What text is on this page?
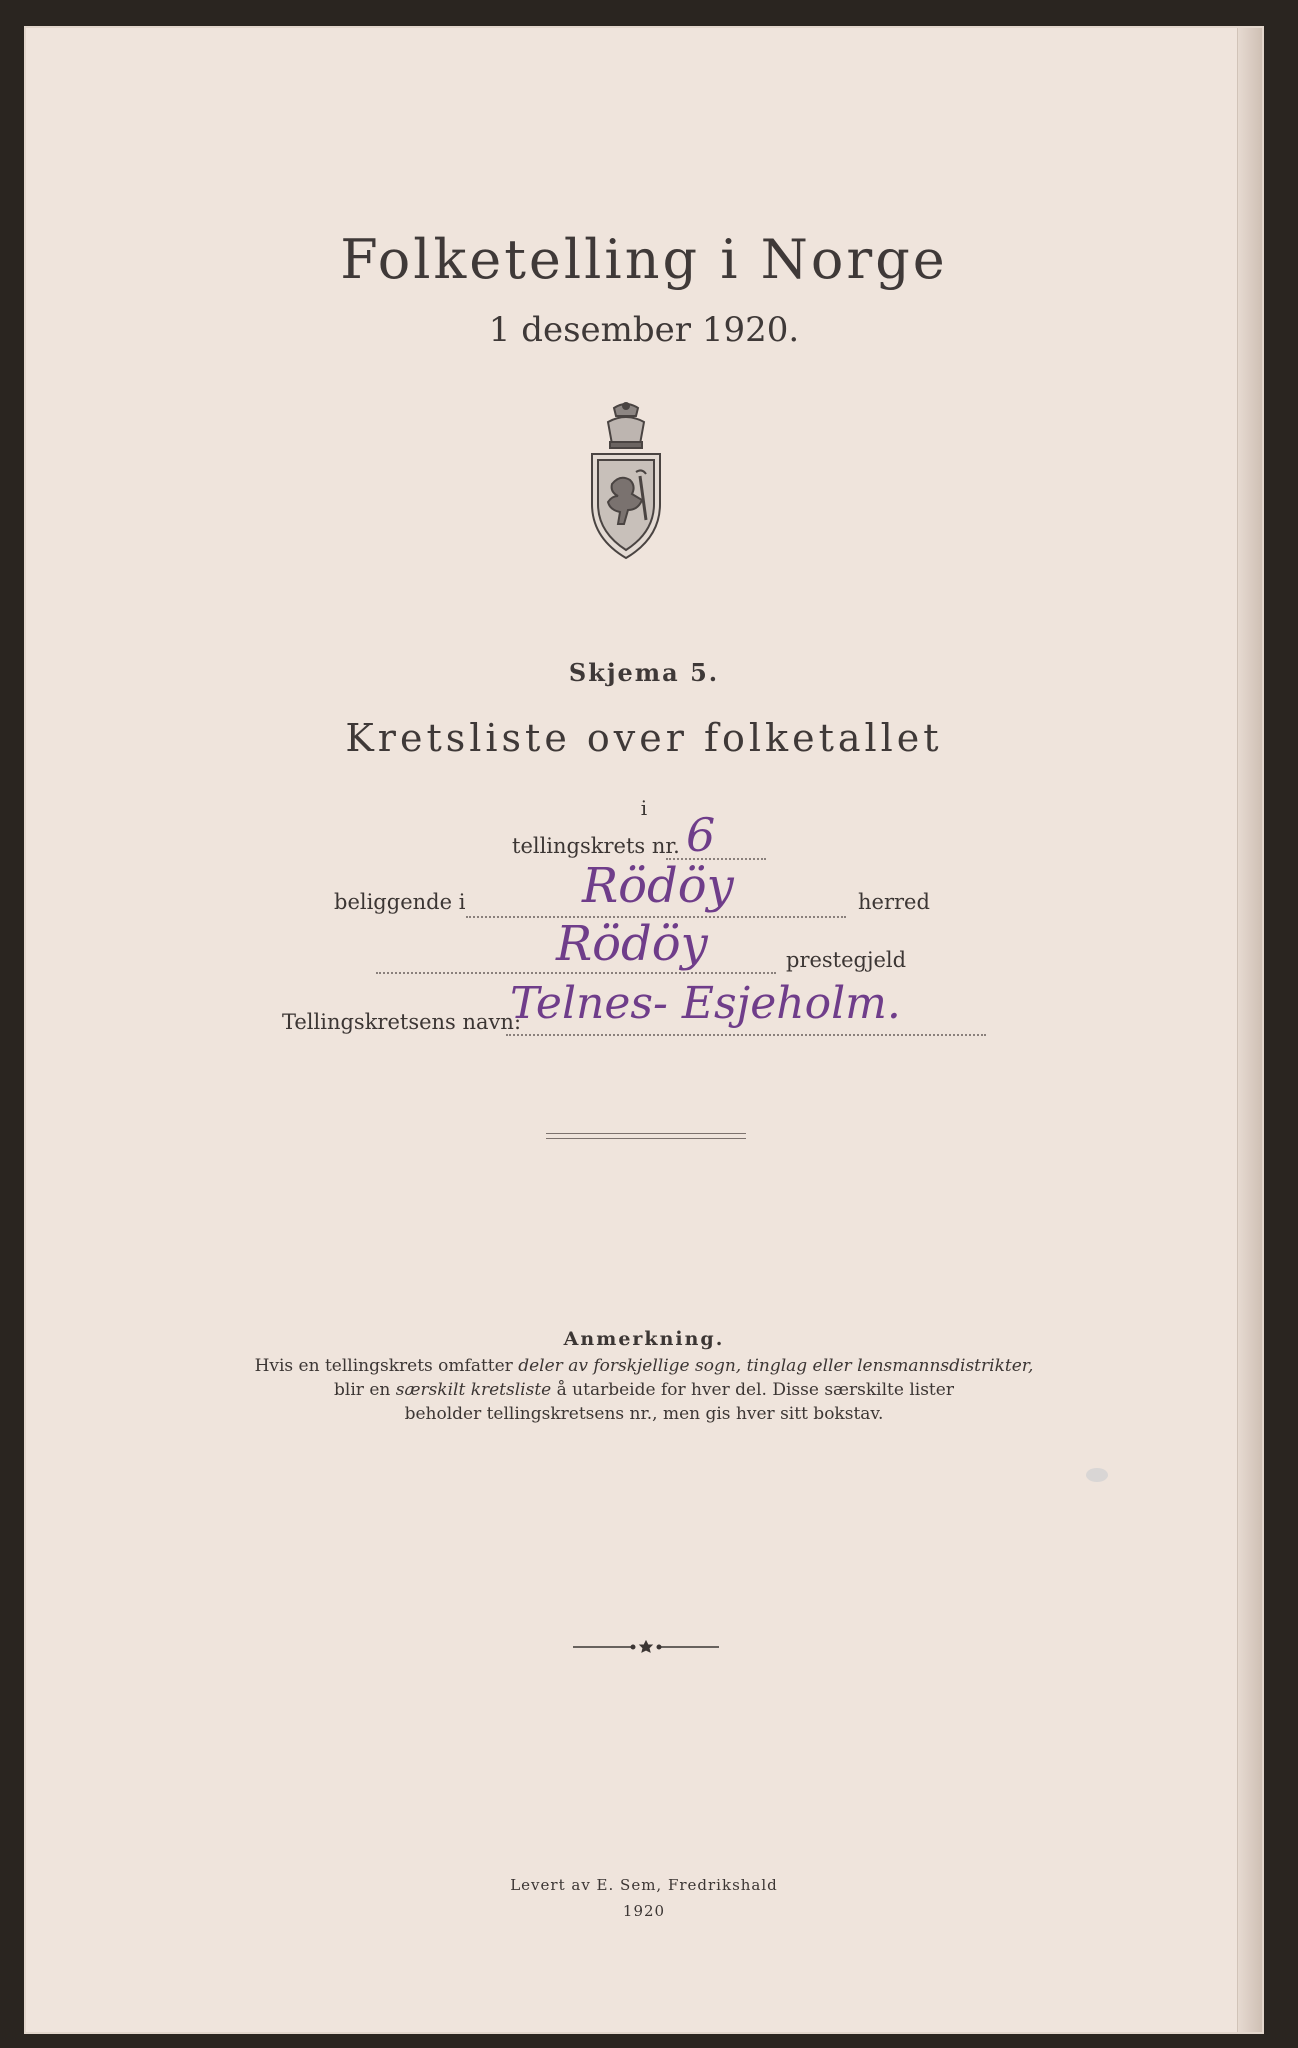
Folketelling i Norge
1 desember 1920.
Skjema 5.
Kretsliste over folketallet
i
tellingskrets nr. 6
beliggende i Rödöy	herred
Rödöy	prestegjeld
Tellingskretsens navn:
Telnes- Esjeholm.
Anmerkning.
Hvis en tellingskrets omfatter deler av forskjellige sogn, tinglag eller lensmannsdistrikter,
blir en særskilt kretsliste å utarbeide for hver del. Disse særskilte lister
beholder tellingskretsens nr., men gis hver sitt bokstav.
Levert av E. Sem, Fredrikshald
1920
